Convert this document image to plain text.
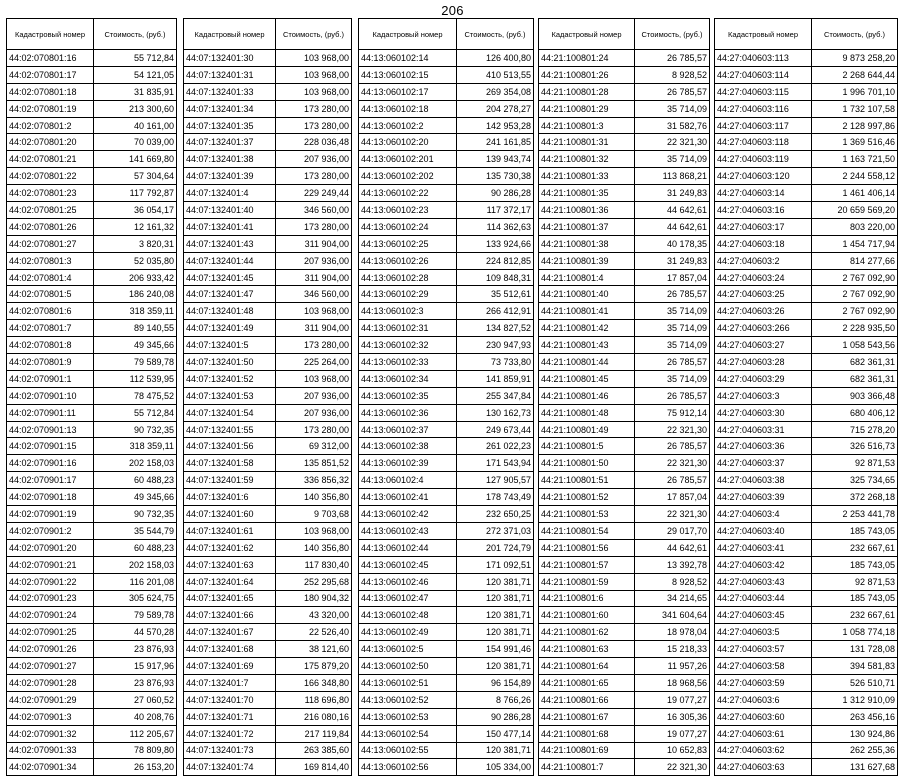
206
Кадастровый номер	Стоимость, (руб.)
44:02:070801:16	55 712,84
44:02:070801:17	54 121,05
44:02:070801:18	31 835,91
44:02:070801:19	213 300,60
44:02:070801:2	40 161,00
44:02:070801:20	70 039,00
44:02:070801:21	141 669,80
44:02:070801:22	57 304,64
44:02:070801:23	117 792,87
44:02:070801:25	36 054,17
44:02:070801:26	12 161,32
44:02:070801:27	3 820,31
44:02:070801:3	52 035,80
44:02:070801:4	206 933,42
44:02:070801:5	186 240,08
44:02:070801:6	318 359,11
44:02:070801:7	89 140,55
44:02:070801:8	49 345,66
44:02:070801:9	79 589,78
44:02:070901:1	112 539,95
44:02:070901:10	78 475,52
44:02:070901:11	55 712,84
44:02:070901:13	90 732,35
44:02:070901:15	318 359,11
44:02:070901:16	202 158,03
44:02:070901:17	60 488,23
44:02:070901:18	49 345,66
44:02:070901:19	90 732,35
44:02:070901:2	35 544,79
44:02:070901:20	60 488,23
44:02:070901:21	202 158,03
44:02:070901:22	116 201,08
44:02:070901:23	305 624,75
44:02:070901:24	79 589,78
44:02:070901:25	44 570,28
44:02:070901:26	23 876,93
44:02:070901:27	15 917,96
44:02:070901:28	23 876,93
44:02:070901:29	27 060,52
44:02:070901:3	40 208,76
44:02:070901:32	112 205,67
44:02:070901:33	78 809,80
44:02:070901:34	26 153,20
Кадастровый номер	Стоимость, (руб.)
44:07:132401:30	103 968,00
44:07:132401:31	103 968,00
44:07:132401:33	103 968,00
44:07:132401:34	173 280,00
44:07:132401:35	173 280,00
44:07:132401:37	228 036,48
44:07:132401:38	207 936,00
44:07:132401:39	173 280,00
44:07:132401:4	229 249,44
44:07:132401:40	346 560,00
44:07:132401:41	173 280,00
44:07:132401:43	311 904,00
44:07:132401:44	207 936,00
44:07:132401:45	311 904,00
44:07:132401:47	346 560,00
44:07:132401:48	103 968,00
44:07:132401:49	311 904,00
44:07:132401:5	173 280,00
44:07:132401:50	225 264,00
44:07:132401:52	103 968,00
44:07:132401:53	207 936,00
44:07:132401:54	207 936,00
44:07:132401:55	173 280,00
44:07:132401:56	69 312,00
44:07:132401:58	135 851,52
44:07:132401:59	336 856,32
44:07:132401:6	140 356,80
44:07:132401:60	9 703,68
44:07:132401:61	103 968,00
44:07:132401:62	140 356,80
44:07:132401:63	117 830,40
44:07:132401:64	252 295,68
44:07:132401:65	180 904,32
44:07:132401:66	43 320,00
44:07:132401:67	22 526,40
44:07:132401:68	38 121,60
44:07:132401:69	175 879,20
44:07:132401:7	166 348,80
44:07:132401:70	118 696,80
44:07:132401:71	216 080,16
44:07:132401:72	217 119,84
44:07:132401:73	263 385,60
44:07:132401:74	169 814,40
Кадастровый номер	Стоимость, (руб.)
44:13:060102:14	126 400,80
44:13:060102:15	410 513,55
44:13:060102:17	269 354,08
44:13:060102:18	204 278,27
44:13:060102:2	142 953,28
44:13:060102:20	241 161,85
44:13:060102:201	139 943,74
44:13:060102:202	135 730,38
44:13:060102:22	90 286,28
44:13:060102:23	117 372,17
44:13:060102:24	114 362,63
44:13:060102:25	133 924,66
44:13:060102:26	224 812,85
44:13:060102:28	109 848,31
44:13:060102:29	35 512,61
44:13:060102:3	266 412,91
44:13:060102:31	134 827,52
44:13:060102:32	230 947,93
44:13:060102:33	73 733,80
44:13:060102:34	141 859,91
44:13:060102:35	255 347,84
44:13:060102:36	130 162,73
44:13:060102:37	249 673,44
44:13:060102:38	261 022,23
44:13:060102:39	171 543,94
44:13:060102:4	127 905,57
44:13:060102:41	178 743,49
44:13:060102:42	232 650,25
44:13:060102:43	272 371,03
44:13:060102:44	201 724,79
44:13:060102:45	171 092,51
44:13:060102:46	120 381,71
44:13:060102:47	120 381,71
44:13:060102:48	120 381,71
44:13:060102:49	120 381,71
44:13:060102:5	154 991,46
44:13:060102:50	120 381,71
44:13:060102:51	96 154,89
44:13:060102:52	8 766,26
44:13:060102:53	90 286,28
44:13:060102:54	150 477,14
44:13:060102:55	120 381,71
44:13:060102:56	105 334,00
Кадастровый номер	Стоимость, (руб.)
44:21:100801:24	26 785,57
44:21:100801:26	8 928,52
44:21:100801:28	26 785,57
44:21:100801:29	35 714,09
44:21:100801:3	31 582,76
44:21:100801:31	22 321,30
44:21:100801:32	35 714,09
44:21:100801:33	113 868,21
44:21:100801:35	31 249,83
44:21:100801:36	44 642,61
44:21:100801:37	44 642,61
44:21:100801:38	40 178,35
44:21:100801:39	31 249,83
44:21:100801:4	17 857,04
44:21:100801:40	26 785,57
44:21:100801:41	35 714,09
44:21:100801:42	35 714,09
44:21:100801:43	35 714,09
44:21:100801:44	26 785,57
44:21:100801:45	35 714,09
44:21:100801:46	26 785,57
44:21:100801:48	75 912,14
44:21:100801:49	22 321,30
44:21:100801:5	26 785,57
44:21:100801:50	22 321,30
44:21:100801:51	26 785,57
44:21:100801:52	17 857,04
44:21:100801:53	22 321,30
44:21:100801:54	29 017,70
44:21:100801:56	44 642,61
44:21:100801:57	13 392,78
44:21:100801:59	8 928,52
44:21:100801:6	34 214,65
44:21:100801:60	341 604,64
44:21:100801:62	18 978,04
44:21:100801:63	15 218,33
44:21:100801:64	11 957,26
44:21:100801:65	18 968,56
44:21:100801:66	19 077,27
44:21:100801:67	16 305,36
44:21:100801:68	19 077,27
44:21:100801:69	10 652,83
44:21:100801:7	22 321,30
Кадастровый номер	Стоимость, (руб.)
44:27:040603:113	9 873 258,20
44:27:040603:114	2 268 644,44
44:27:040603:115	1 996 701,10
44:27:040603:116	1 732 107,58
44:27:040603:117	2 128 997,86
44:27:040603:118	1 369 516,46
44:27:040603:119	1 163 721,50
44:27:040603:120	2 244 558,12
44:27:040603:14	1 461 406,14
44:27:040603:16	20 659 569,20
44:27:040603:17	803 220,00
44:27:040603:18	1 454 717,94
44:27:040603:2	814 277,66
44:27:040603:24	2 767 092,90
44:27:040603:25	2 767 092,90
44:27:040603:26	2 767 092,90
44:27:040603:266	2 228 935,50
44:27:040603:27	1 058 543,56
44:27:040603:28	682 361,31
44:27:040603:29	682 361,31
44:27:040603:3	903 366,48
44:27:040603:30	680 406,12
44:27:040603:31	715 278,20
44:27:040603:36	326 516,73
44:27:040603:37	92 871,53
44:27:040603:38	325 734,65
44:27:040603:39	372 268,18
44:27:040603:4	2 253 441,78
44:27:040603:40	185 743,05
44:27:040603:41	232 667,61
44:27:040603:42	185 743,05
44:27:040603:43	92 871,53
44:27:040603:44	185 743,05
44:27:040603:45	232 667,61
44:27:040603:5	1 058 774,18
44:27:040603:57	131 728,08
44:27:040603:58	394 581,83
44:27:040603:59	526 510,71
44:27:040603:6	1 312 910,09
44:27:040603:60	263 456,16
44:27:040603:61	130 924,86
44:27:040603:62	262 255,36
44:27:040603:63	131 627,68
